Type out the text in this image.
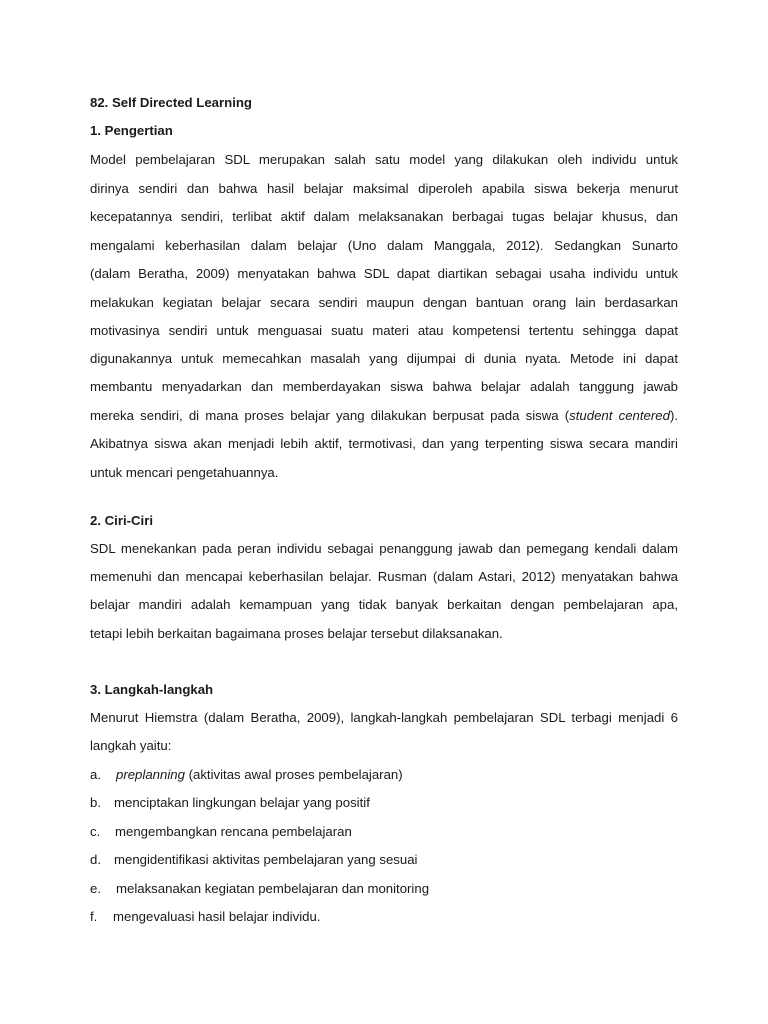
82. Self Directed Learning
1. Pengertian
Model pembelajaran SDL merupakan salah satu model yang dilakukan oleh individu untuk
dirinya sendiri dan bahwa hasil belajar maksimal diperoleh apabila siswa bekerja menurut
kecepatannya sendiri, terlibat aktif dalam melaksanakan berbagai tugas belajar khusus, dan
mengalami keberhasilan dalam belajar (Uno dalam Manggala, 2012). Sedangkan Sunarto
(dalam Beratha, 2009) menyatakan bahwa SDL dapat diartikan sebagai usaha individu untuk
melakukan kegiatan belajar secara sendiri maupun dengan bantuan orang lain berdasarkan
motivasinya sendiri untuk menguasai suatu materi atau kompetensi tertentu sehingga dapat
digunakannya untuk memecahkan masalah yang dijumpai di dunia nyata. Metode ini dapat
membantu menyadarkan dan memberdayakan siswa bahwa belajar adalah tanggung jawab
mereka sendiri, di mana proses belajar yang dilakukan berpusat pada siswa (student centered).
Akibatnya siswa akan menjadi lebih aktif, termotivasi, dan yang terpenting siswa secara mandiri
untuk mencari pengetahuannya.
2. Ciri-Ciri
SDL menekankan pada peran individu sebagai penanggung jawab dan pemegang kendali dalam
memenuhi dan mencapai keberhasilan belajar. Rusman (dalam Astari, 2012) menyatakan bahwa
belajar mandiri adalah kemampuan yang tidak banyak berkaitan dengan pembelajaran apa,
tetapi lebih berkaitan bagaimana proses belajar tersebut dilaksanakan.
3. Langkah-langkah
Menurut Hiemstra (dalam Beratha, 2009), langkah-langkah pembelajaran SDL terbagi menjadi 6
langkah yaitu:
a. preplanning (aktivitas awal proses pembelajaran)
b. menciptakan lingkungan belajar yang positif
c. mengembangkan rencana pembelajaran
d. mengidentifikasi aktivitas pembelajaran yang sesuai
e. melaksanakan kegiatan pembelajaran dan monitoring
f. mengevaluasi hasil belajar individu.
